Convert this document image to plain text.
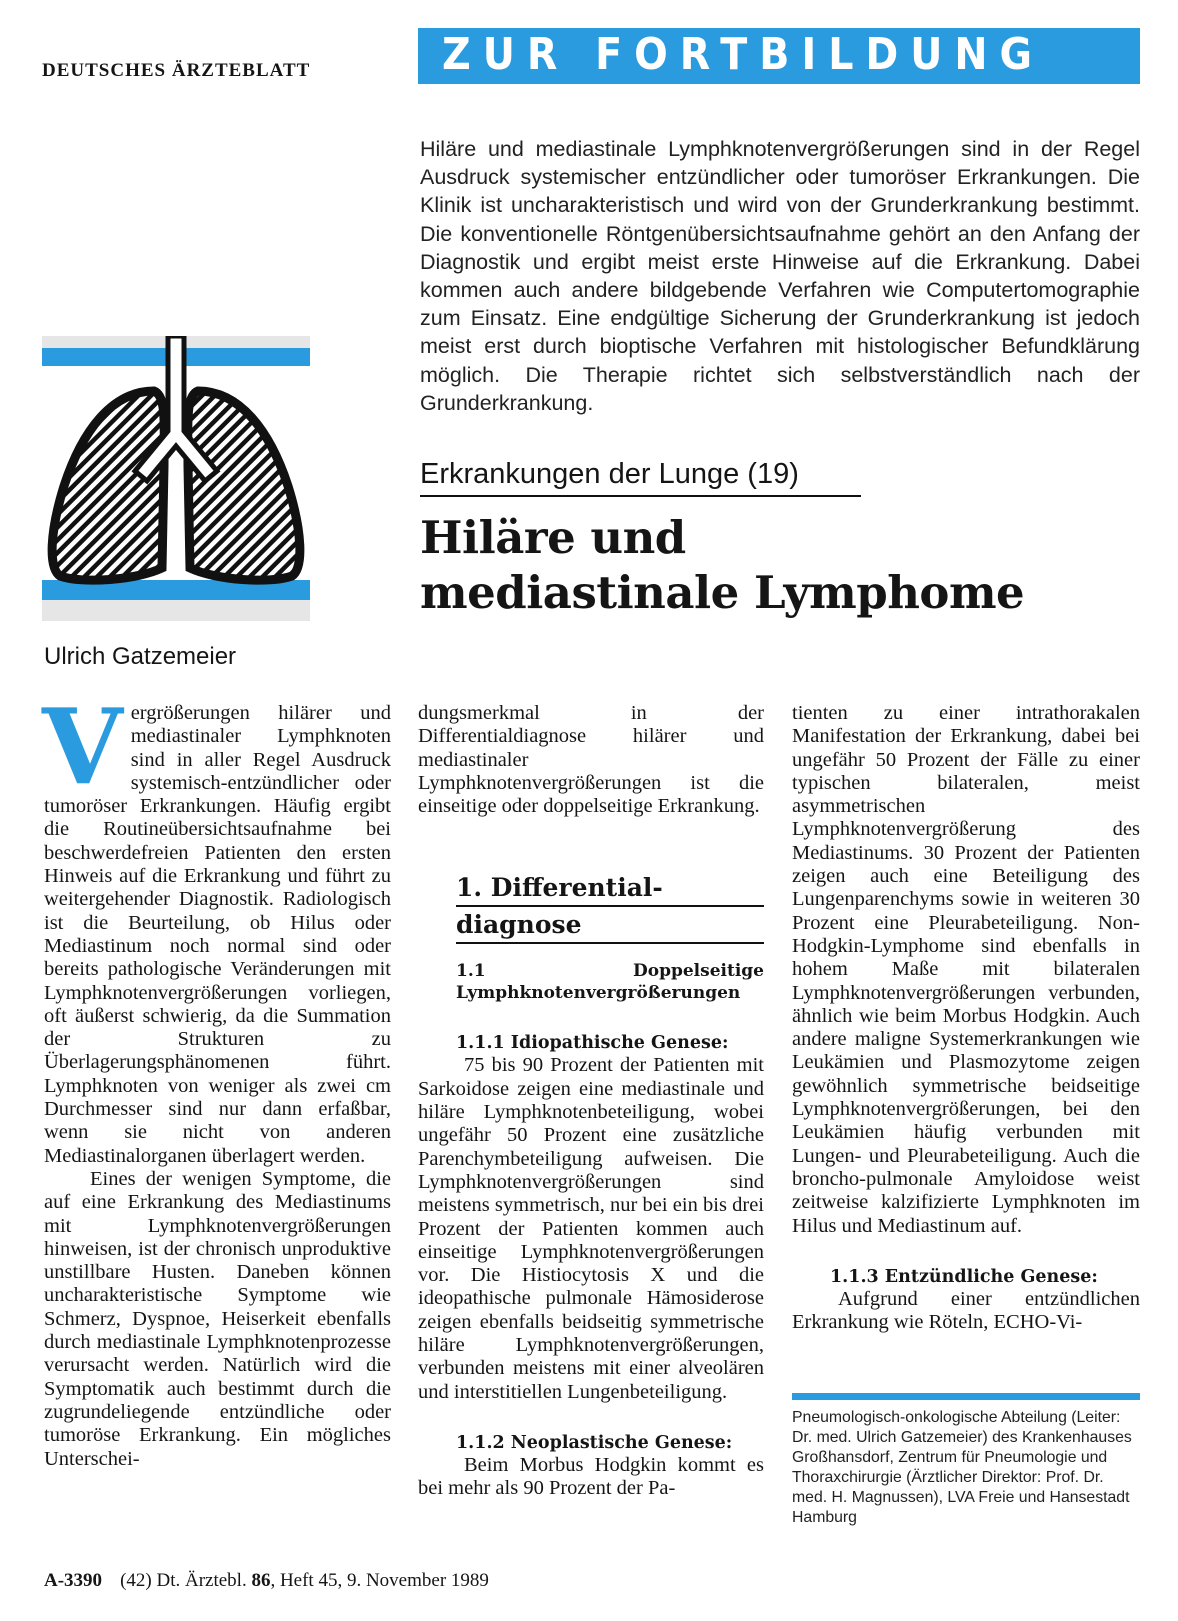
DEUTSCHES ÄRZTEBLATT	ZUR FORTBILDUNG
Hiläre und mediastinale Lymphknotenvergrößerungen sind in der Regel Ausdruck systemischer entzündlicher oder tumoröser Erkrankungen. Die Klinik ist uncharakteristisch und wird von der Grunderkrankung bestimmt. Die konventionelle Röntgenübersichtsaufnahme gehört an den Anfang der Diagnostik und ergibt meist erste Hinweise auf die Erkrankung. Dabei kommen auch andere bildgebende Verfahren wie Computertomographie zum Einsatz. Eine endgültige Sicherung der Grunderkrankung ist jedoch meist erst durch bioptische Verfahren mit histologischer Befundklärung möglich. Die Therapie richtet sich selbstverständlich nach der Grunderkrankung.
Erkrankungen der Lunge (19)
Hiläre und
mediastinale Lymphome
Ulrich Gatzemeier
V ergrößerungen hilärer und mediastinaler Lymphknoten sind in aller Regel Ausdruck systemisch-entzündlicher oder tumoröser Erkrankungen. Häufig ergibt die Routineübersichtsaufnahme bei beschwerdefreien Patienten den ersten Hinweis auf die Erkrankung und führt zu weitergehender Diagnostik. Radiologisch ist die Beurteilung, ob Hilus oder Mediastinum noch normal sind oder bereits pathologische Veränderungen mit Lymphknotenvergrößerungen vorliegen, oft äußerst schwierig, da die Summation der Strukturen zu Überlagerungsphänomenen führt. Lymphknoten von weniger als zwei cm Durchmesser sind nur dann erfaßbar, wenn sie nicht von anderen Mediastinalorganen überlagert werden.

Eines der wenigen Symptome, die auf eine Erkrankung des Mediastinums mit Lymphknotenvergrößerungen hinweisen, ist der chronisch unproduktive unstillbare Husten. Daneben können uncharakteristische Symptome wie Schmerz, Dyspnoe, Heiserkeit ebenfalls durch mediastinale Lymphknotenprozesse verursacht werden. Natürlich wird die Symptomatik auch bestimmt durch die zugrundeliegende entzündliche oder tumoröse Erkrankung. Ein mögliches Unterschei-

dungsmerkmal in der Differentialdiagnose hilärer und mediastinaler Lymphknotenvergrößerungen ist die einseitige oder doppelseitige Erkrankung.

1. Differential-
diagnose
1.1 Doppelseitige Lymphknotenvergrößerungen
1.1.1 Idiopathische Genese:

75 bis 90 Prozent der Patienten mit Sarkoidose zeigen eine mediastinale und hiläre Lymphknotenbeteiligung, wobei ungefähr 50 Prozent eine zusätzliche Parenchymbeteiligung aufweisen. Die Lymphknotenvergrößerungen sind meistens symmetrisch, nur bei ein bis drei Prozent der Patienten kommen auch einseitige Lymphknotenvergrößerungen vor. Die Histiocytosis X und die ideopathische pulmonale Hämosiderose zeigen ebenfalls beidseitig symmetrische hiläre Lymphknotenvergrößerungen, verbunden meistens mit einer alveolären und interstitiellen Lungenbeteiligung.

1.1.2 Neoplastische Genese:

Beim Morbus Hodgkin kommt es bei mehr als 90 Prozent der Pa-

tienten zu einer intrathorakalen Manifestation der Erkrankung, dabei bei ungefähr 50 Prozent der Fälle zu einer typischen bilateralen, meist asymmetrischen Lymphknotenvergrößerung des Mediastinums. 30 Prozent der Patienten zeigen auch eine Beteiligung des Lungenparenchyms sowie in weiteren 30 Prozent eine Pleurabeteiligung. Non-Hodgkin-Lymphome sind ebenfalls in hohem Maße mit bilateralen Lymphknotenvergrößerungen verbunden, ähnlich wie beim Morbus Hodgkin. Auch andere maligne Systemerkrankungen wie Leukämien und Plasmozytome zeigen gewöhnlich symmetrische beidseitige Lymphknotenvergrößerungen, bei den Leukämien häufig verbunden mit Lungen- und Pleurabeteiligung. Auch die broncho-pulmonale Amyloidose weist zeitweise kalzifizierte Lymphknoten im Hilus und Mediastinum auf.

1.1.3 Entzündliche Genese:

Aufgrund einer entzündlichen Erkrankung wie Röteln, ECHO-Vi-

Pneumologisch-onkologische Abteilung (Leiter: Dr. med. Ulrich Gatzemeier) des Krankenhauses Großhansdorf, Zentrum für Pneumologie und Thoraxchirurgie (Ärztlicher Direktor: Prof. Dr. med. H. Magnussen), LVA Freie und Hansestadt Hamburg
A-3390 (42) Dt. Ärztebl. 86, Heft 45, 9. November 1989
